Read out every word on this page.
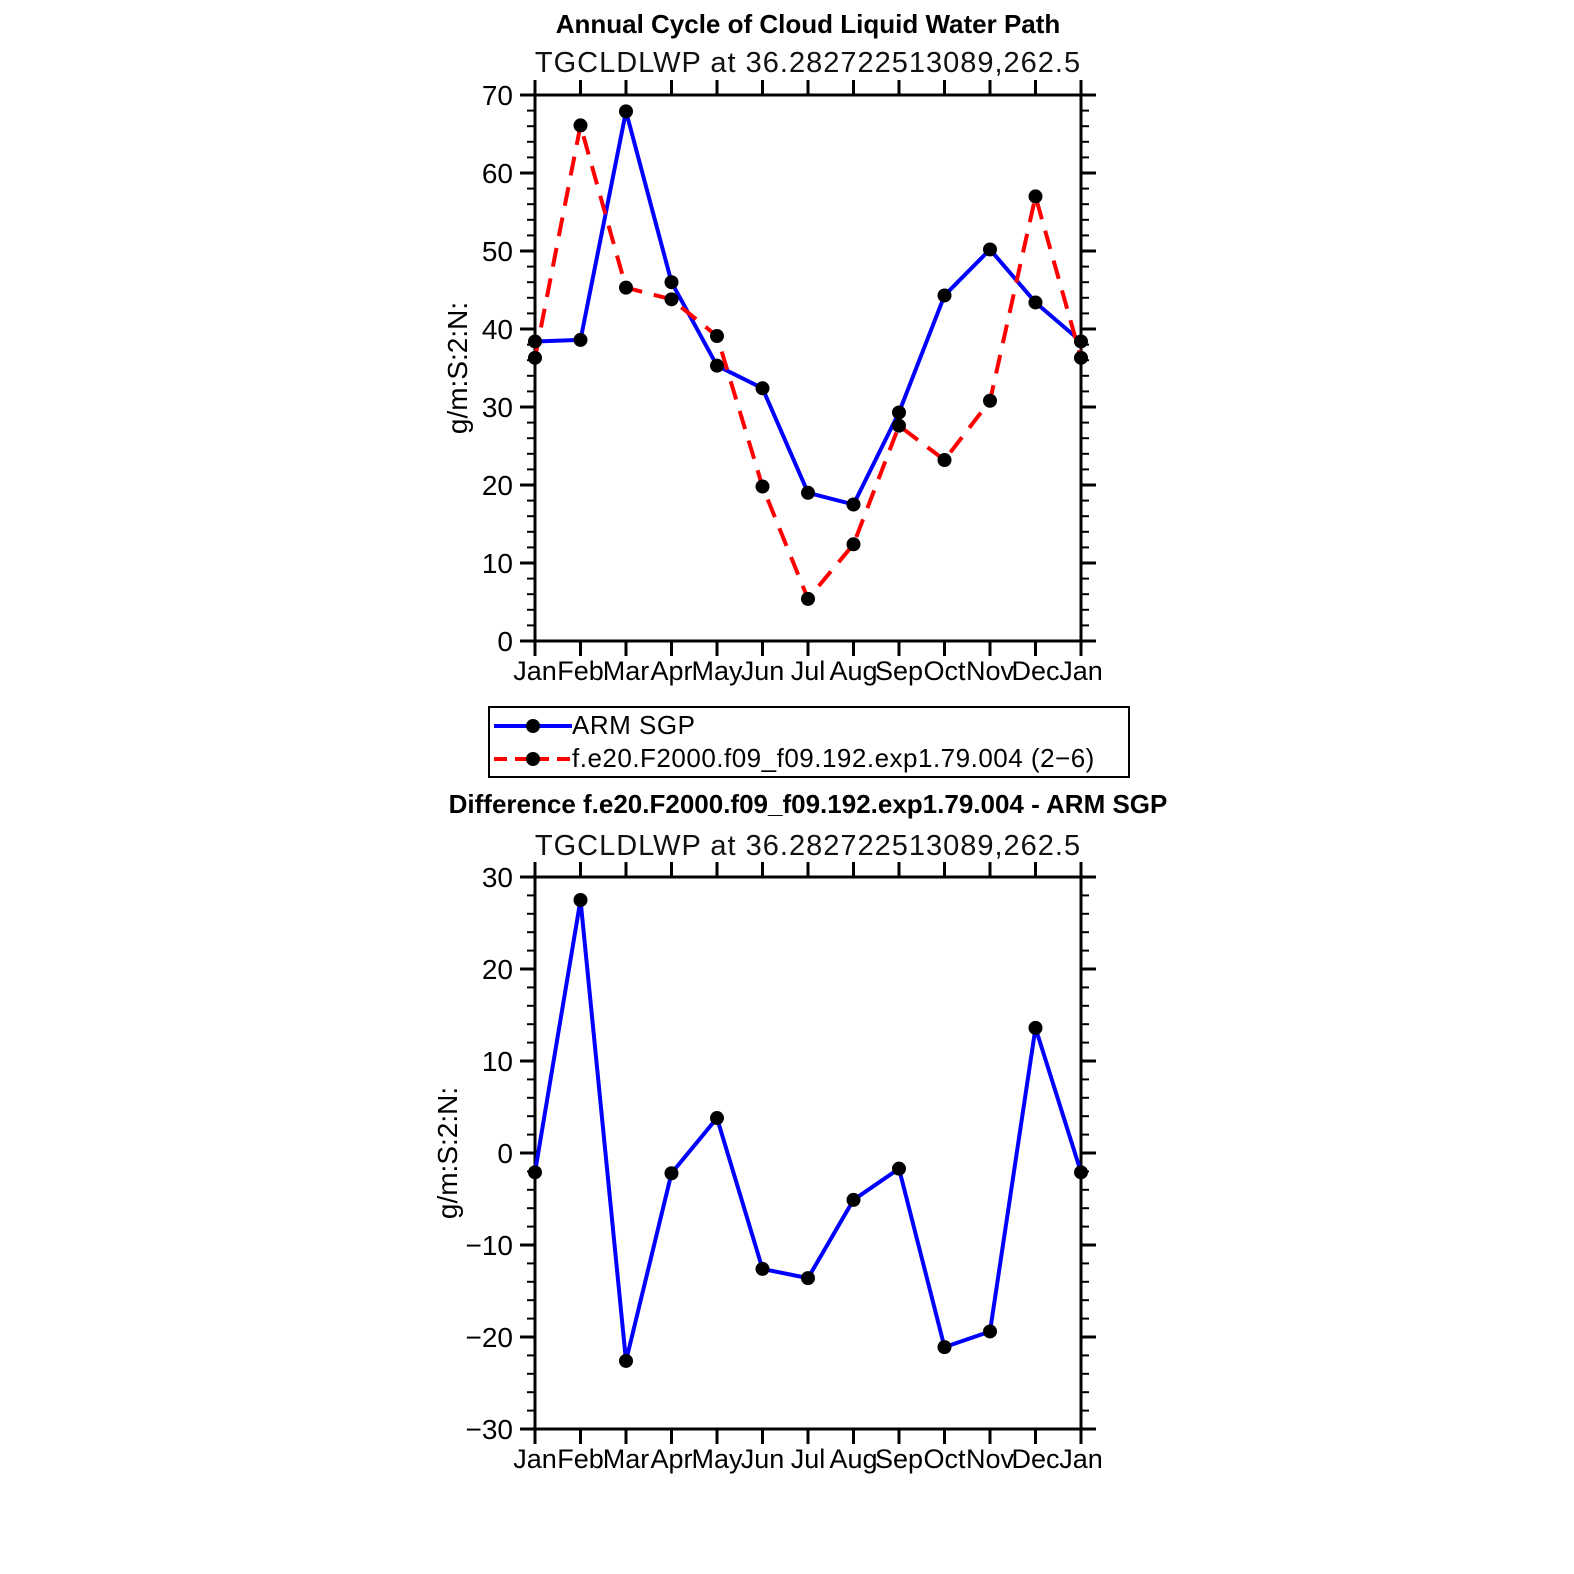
Annual Cycle of Cloud Liquid Water Path
TGCLDLWP at 36.282722513089,262.5
g/m:S:2:N:
0
10
20
30
40
50
60
70
Jan Feb
Mar Apr
May
Jun Jul Aug
Sep Oct Nov
Dec Jan
−30
−20
−10
0
10
20
30
Jan Feb
Mar Apr
May
Jun Jul Aug
Sep Oct Nov
Dec Jan
ARM SGP
f.e20.F2000.f09_f09.192.exp1.79.004 (2−6)
Difference f.e20.F2000.f09_f09.192.exp1.79.004 - ARM SGP
TGCLDLWP at 36.282722513089,262.5
g/m:S:2:N:
